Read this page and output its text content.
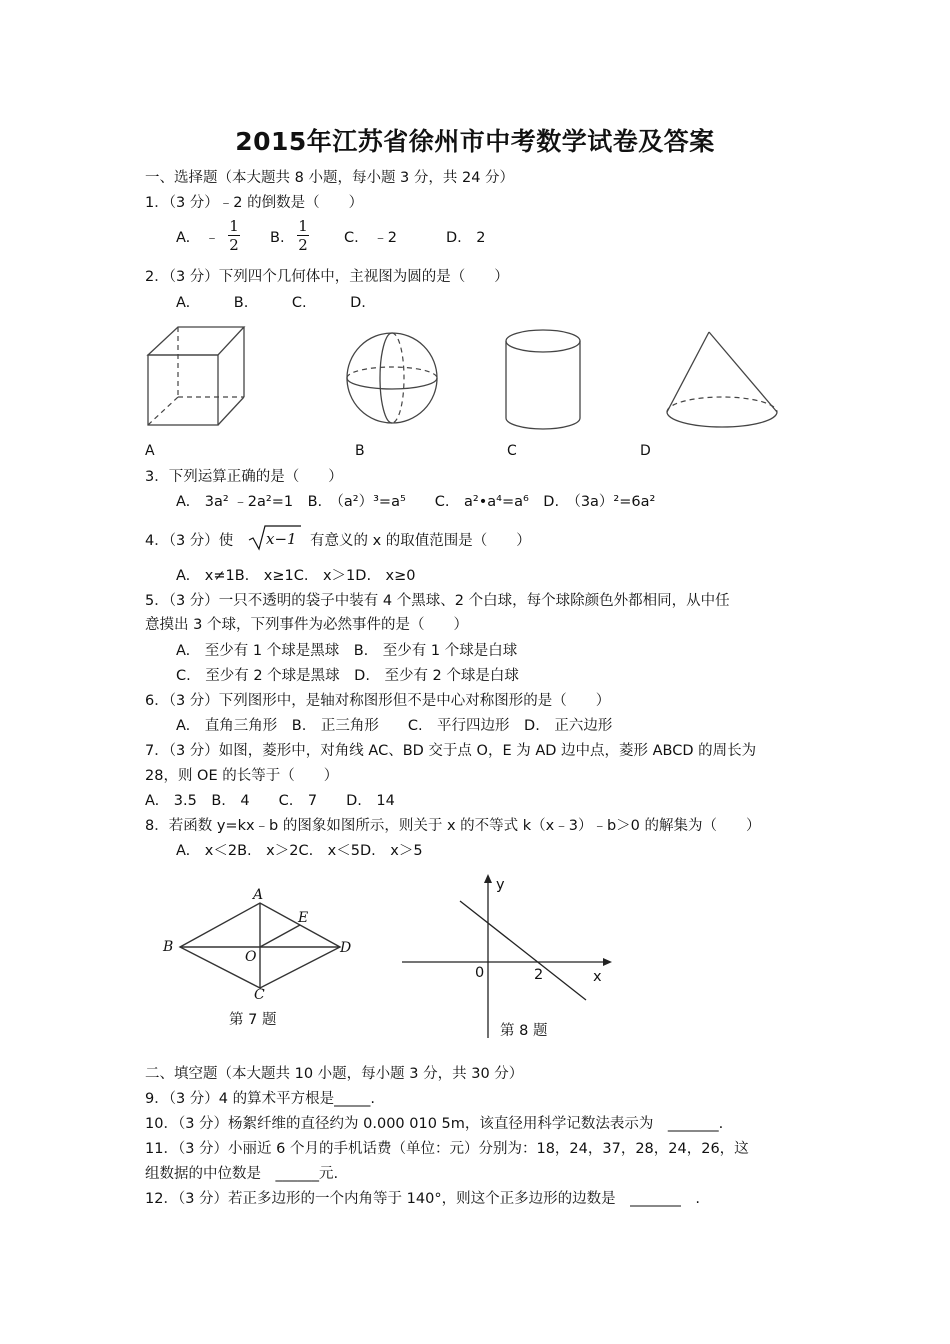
2015年江苏省徐州市中考数学试卷及答案
一、选择题（本大题共 8 小题，每小题 3 分，共 24 分）
1．（3 分）﹣2 的倒数是（　　）
A.　﹣
1
2 B.
1
2 C.　﹣2	D.　2
2．（3 分）下列四个几何体中，主视图为圆的是（　　）
A.　　　B.　　　C.　　　D.
A	B	C	D
3．下列运算正确的是（　　）
A.　3a² ﹣2a²=1　B.　（a²）³=a⁵　　C.　a²•a⁴=a⁶　D.　（3a）²=6a²
4．（3 分）使 x−1 有意义的 x 的取值范围是（　　）
A.　x≠1B.　x≥1C.　x＞1D.　x≥0
5．（3 分）一只不透明的袋子中装有 4 个黑球、2 个白球，每个球除颜色外都相同，从中任
意摸出 3 个球，下列事件为必然事件的是（　　）
A.　至少有 1 个球是黑球　B.　至少有 1 个球是白球
C.　至少有 2 个球是黑球　D.　至少有 2 个球是白球
6．（3 分）下列图形中，是轴对称图形但不是中心对称图形的是（　　）
A.　直角三角形　B.　正三角形　　C.　平行四边形　D.　正六边形
7．（3 分）如图，菱形中，对角线 AC、BD 交于点 O，E 为 AD 边中点，菱形 ABCD 的周长为
28，则 OE 的长等于（　　）
A.　3.5　B.　4　　C.　7　　D.　14
8．若函数 y=kx﹣b 的图象如图所示，则关于 x 的不等式 k（x﹣3）﹣b＞0 的解集为（　　）
A.　x＜2B.　x＞2C.　x＜5D.　x＞5
A
B
C
D
E
O
第 7 题
y
x
0	2
第 8 题
二、填空题（本大题共 10 小题，每小题 3 分，共 30 分）
9．（3 分）4 的算术平方根是_____.
10．（3 分）杨絮纤维的直径约为 0.000 010 5m，该直径用科学记数法表示为　_______.
11．（3 分）小丽近 6 个月的手机话费（单位：元）分别为：18，24，37，28，24，26，这
组数据的中位数是　______元.
12．（3 分）若正多边形的一个内角等于 140°，则这个正多边形的边数是　_______　.
